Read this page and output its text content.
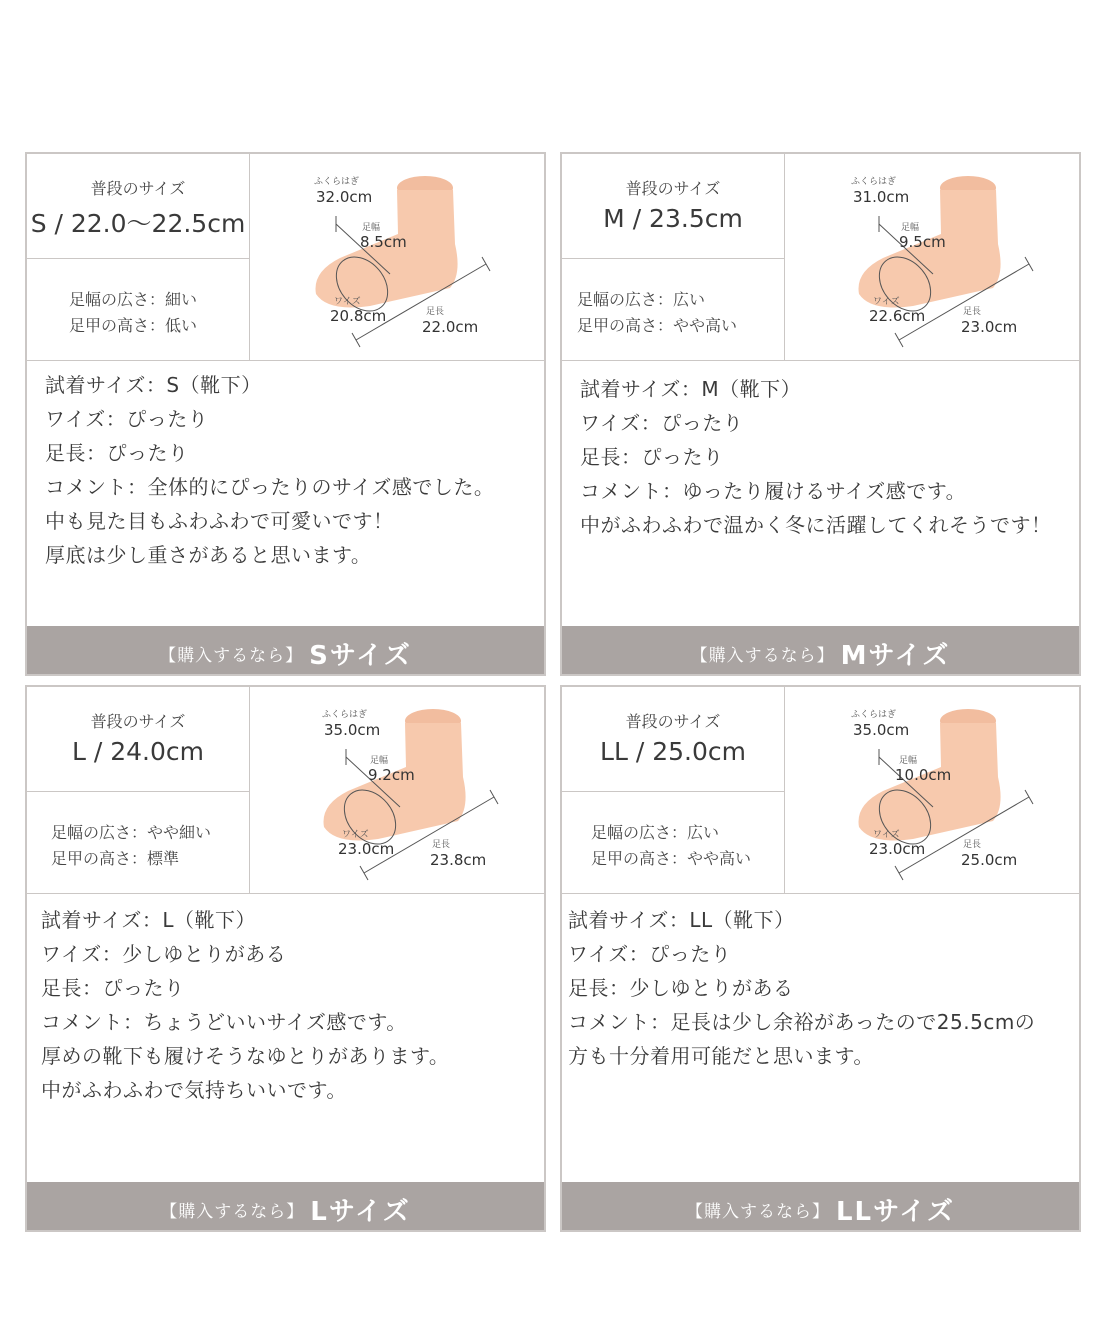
普段のサイズ
S / 22.0～22.5cm
足幅の広さ：細い
足甲の高さ：低い
ふくらはぎ
32.0cm
足幅
8.5cm
ワイズ
20.8cm	足長
22.0cm
試着サイズ：S（靴下）
ワイズ：ぴったり
足長：ぴったり
コメント：全体的にぴったりのサイズ感でした。
中も見た目もふわふわで可愛いです！
厚底は少し重さがあると思います。
【購入するなら】 Sサイズ
普段のサイズ
M / 23.5cm
足幅の広さ：広い
足甲の高さ：やや高い
ふくらはぎ
31.0cm
足幅
9.5cm
ワイズ
22.6cm	足長
23.0cm
試着サイズ：M（靴下）
ワイズ：ぴったり
足長：ぴったり
コメント：ゆったり履けるサイズ感です。
中がふわふわで温かく冬に活躍してくれそうです！
【購入するなら】 Mサイズ
普段のサイズ
L / 24.0cm
足幅の広さ：やや細い
足甲の高さ：標準
ふくらはぎ
35.0cm
足幅
9.2cm
ワイズ
23.0cm	足長
23.8cm
試着サイズ：L（靴下）
ワイズ：少しゆとりがある
足長：ぴったり
コメント：ちょうどいいサイズ感です。
厚めの靴下も履けそうなゆとりがあります。
中がふわふわで気持ちいいです。
【購入するなら】 Lサイズ
普段のサイズ
LL / 25.0cm
足幅の広さ：広い
足甲の高さ：やや高い
ふくらはぎ
35.0cm
足幅
10.0cm
ワイズ
23.0cm	足長
25.0cm
試着サイズ：LL（靴下）
ワイズ：ぴったり
足長：少しゆとりがある
コメント：足長は少し余裕があったので25.5cmの
方も十分着用可能だと思います。
【購入するなら】 LLサイズ
